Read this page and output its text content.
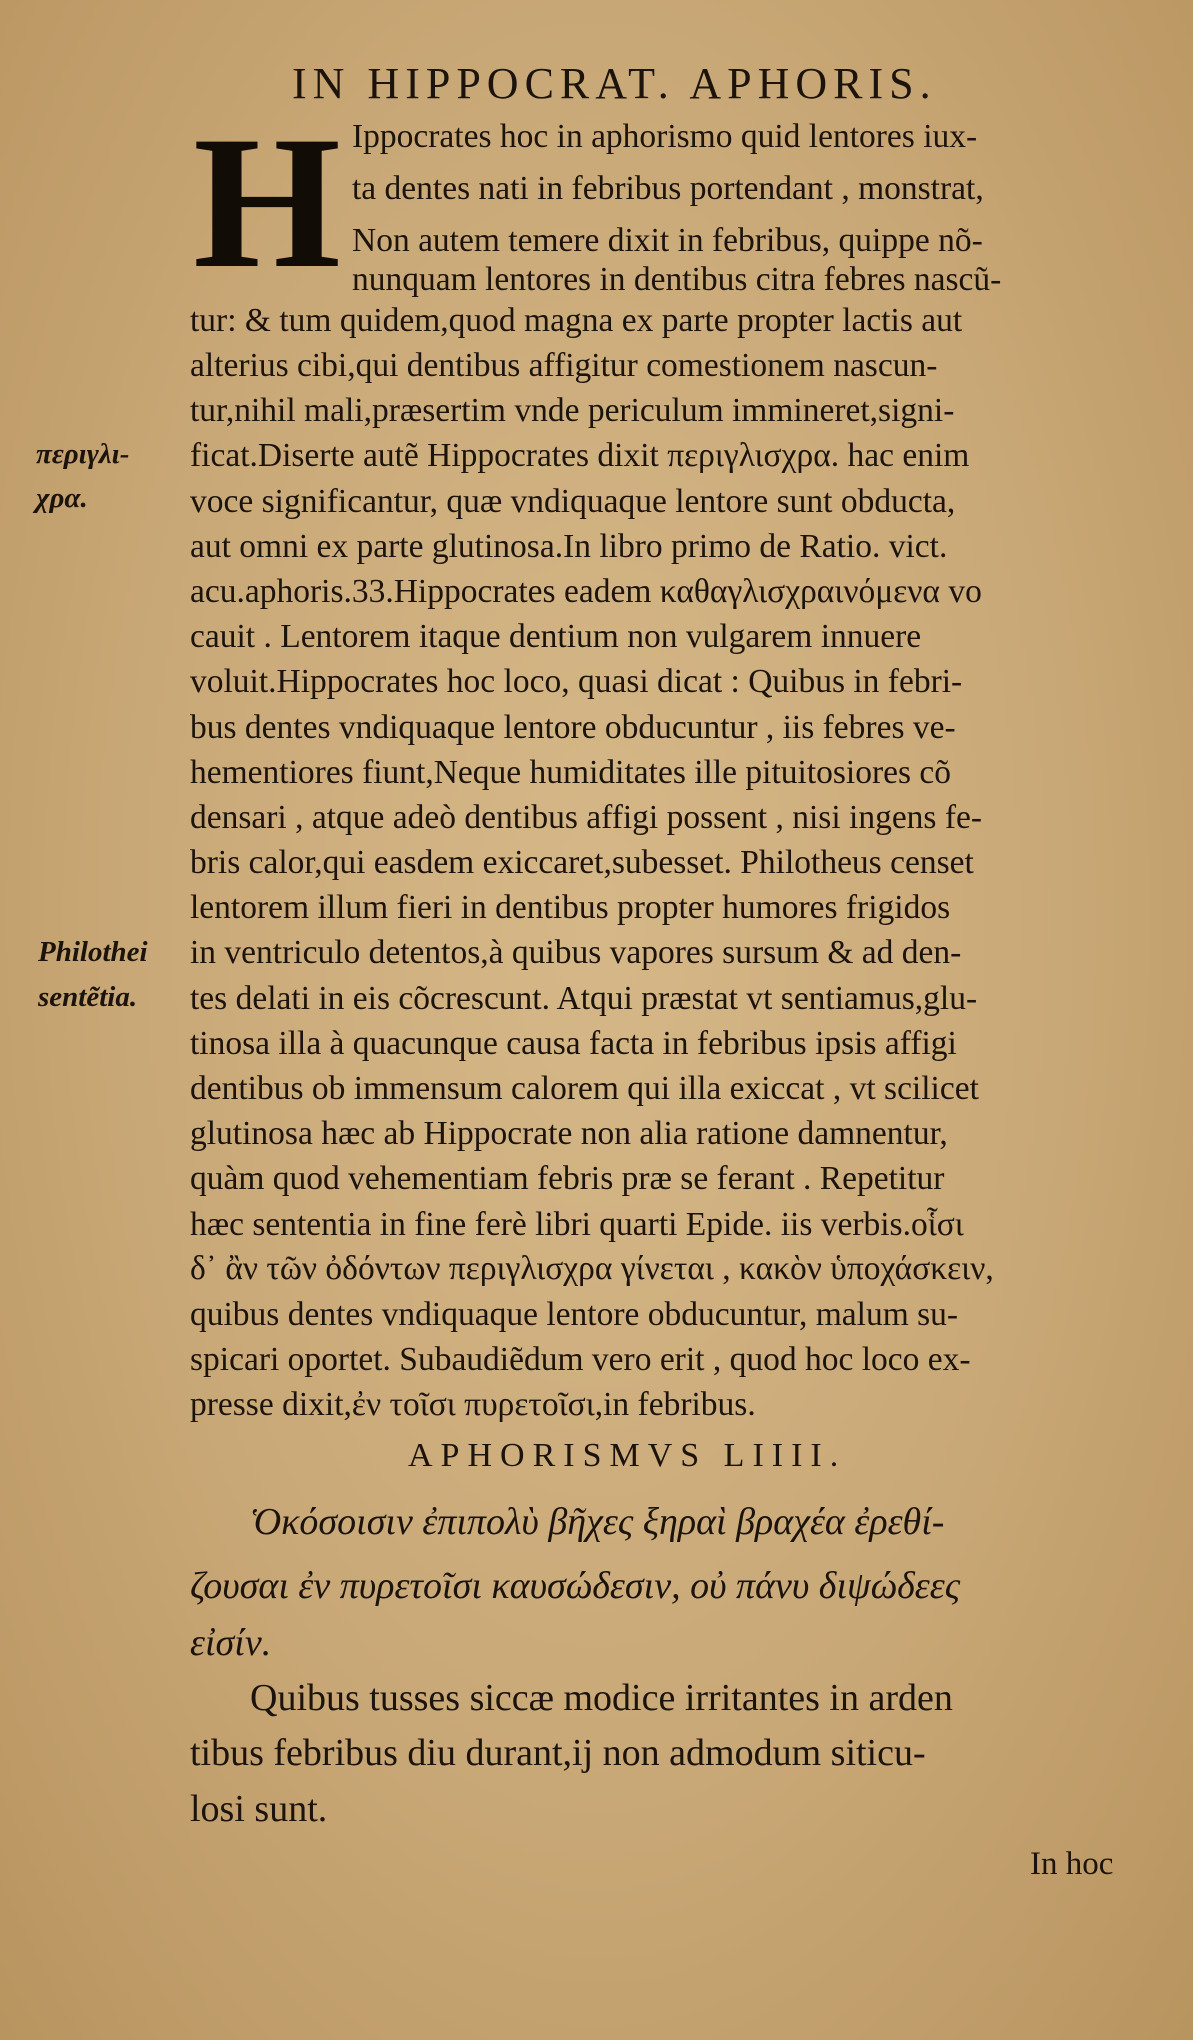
IN HIPPOCRAT. APHORIS.
H Ippocrates hoc in aphorismo quid lentores iux-
ta dentes nati in febribus portendant , monstrat,
Non autem temere dixit in febribus, quippe nõ-
nunquam lentores in dentibus citra febres nascũ-
tur: & tum quidem,quod magna ex parte propter lactis aut
alterius cibi,qui dentibus affigitur comestionem nascun-
tur,nihil mali,præsertim vnde periculum immineret,signi-
ficat.Diserte autẽ Hippocrates dixit περιγλισχρα. hac enim
voce significantur, quæ vndiquaque lentore sunt obducta,
aut omni ex parte glutinosa.In libro primo de Ratio. vict.
acu.aphoris.33.Hippocrates eadem καθαγλισχραινόμενα vo
cauit . Lentorem itaque dentium non vulgarem innuere
voluit.Hippocrates hoc loco, quasi dicat : Quibus in febri-
bus dentes vndiquaque lentore obducuntur , iis febres ve-
hementiores fiunt,Neque humiditates ille pituitosiores cõ
densari , atque adeò dentibus affigi possent , nisi ingens fe-
bris calor,qui easdem exiccaret,subesset. Philotheus censet
lentorem illum fieri in dentibus propter humores frigidos
in ventriculo detentos,à quibus vapores sursum & ad den-
tes delati in eis cõcrescunt. Atqui præstat vt sentiamus,glu-
tinosa illa à quacunque causa facta in febribus ipsis affigi
dentibus ob immensum calorem qui illa exiccat , vt scilicet
glutinosa hæc ab Hippocrate non alia ratione damnentur,
quàm quod vehementiam febris præ se ferant . Repetitur
hæc sententia in fine ferè libri quarti Epide. iis verbis.οἷσι
δ᾽ ἂν τῶν ὀδόντων περιγλισχρα γίνεται , κακὸν ὑποχάσκειν,
quibus dentes vndiquaque lentore obducuntur, malum su-
spicari oportet. Subaudiẽdum vero erit , quod hoc loco ex-
presse dixit,ἐν τοῖσι πυρετοῖσι,in febribus.
περιγλι-
χρα.
Philothei
sentẽtia.
APHORISMVS LIIII.
Ὁκόσοισιν ἐπιπολὺ βῆχες ξηραὶ βραχέα ἐρεθί-
ζουσαι ἐν πυρετοῖσι καυσώδεσιν, οὐ πάνυ διψώδεες
εἰσίν.
Quibus tusses siccæ modice irritantes in arden
tibus febribus diu durant,ij non admodum siticu-
losi sunt.
In hoc
